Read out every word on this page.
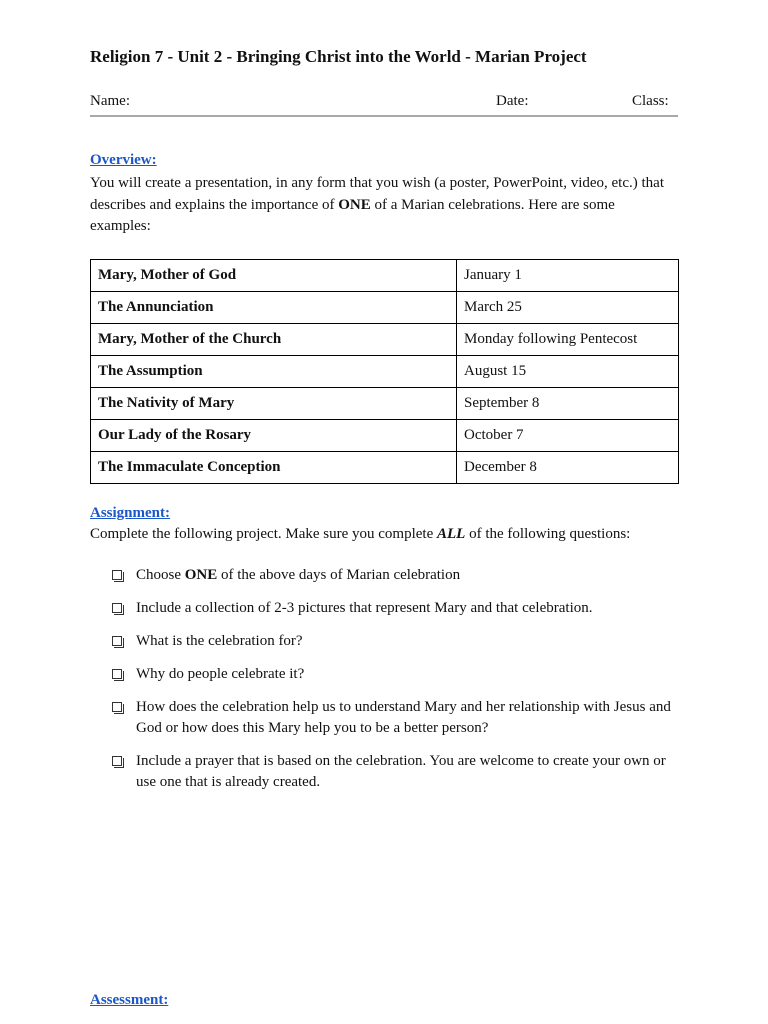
Religion 7 - Unit 2 - Bringing Christ into the World - Marian Project
Name:	Date:	Class:
Overview:
You will create a presentation, in any form that you wish (a poster, PowerPoint, video, etc.) that describes and explains the importance of ONE of a Marian celebrations. Here are some examples:
Mary, Mother of God	January 1
The Annunciation	March 25
Mary, Mother of the Church	Monday following Pentecost
The Assumption	August 15
The Nativity of Mary	September 8
Our Lady of the Rosary	October 7
The Immaculate Conception	December 8
Assignment:
Complete the following project. Make sure you complete ALL of the following questions:
Choose ONE of the above days of Marian celebration
Include a collection of 2-3 pictures that represent Mary and that celebration.
What is the celebration for?
Why do people celebrate it?
How does the celebration help us to understand Mary and her relationship with Jesus and God or how does this Mary help you to be a better person?
Include a prayer that is based on the celebration. You are welcome to create your own or use one that is already created.
Assessment:
